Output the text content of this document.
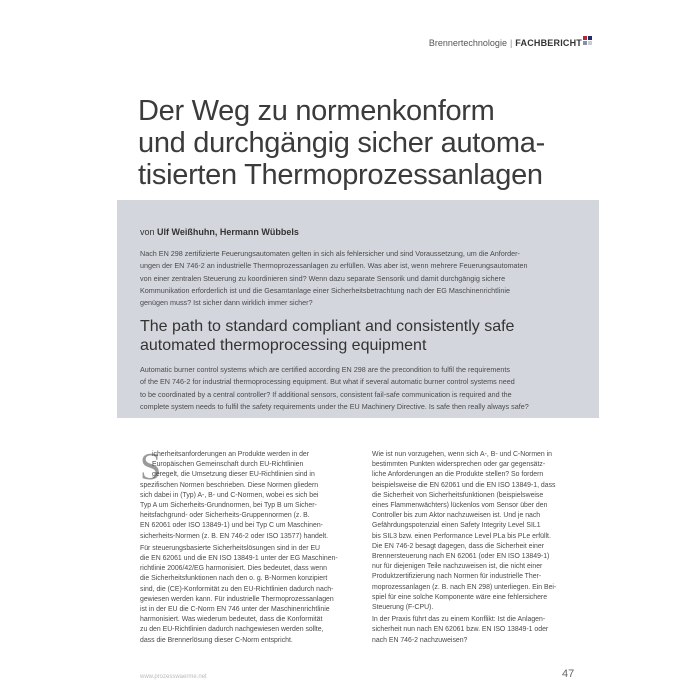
Brennertechnologie | FACHBERICHT
Der Weg zu normenkonform
und durchgängig sicher automa-
tisierten Thermoprozessanlagen
von Ulf Weißhuhn, Hermann Wübbels

Nach EN 298 zertifizierte Feuerungsautomaten gelten in sich als fehlersicher und sind Voraussetzung, um die Anforder-
ungen der EN 746-2 an industrielle Thermoprozessanlagen zu erfüllen. Was aber ist, wenn mehrere Feuerungsautomaten
von einer zentralen Steuerung zu koordinieren sind? Wenn dazu separate Sensorik und damit durchgängig sichere
Kommunikation erforderlich ist und die Gesamtanlage einer Sicherheitsbetrachtung nach der EG Maschinenrichtlinie
genügen muss? Ist sicher dann wirklich immer sicher?

The path to standard compliant and consistently safe
automated thermoprocessing equipment

Automatic burner control systems which are certified according EN 298 are the precondition to fulfil the requirements
of the EN 746-2 for industrial thermoprocessing equipment. But what if several automatic burner control systems need
to be coordinated by a central controller? If additional sensors, consistent fail-safe communication is required and the
complete system needs to fulfil the safety requirements under the EU Machinery Directive. Is safe then really always safe?

S
icherheitsanforderungen an Produkte werden in der
Europäischen Gemeinschaft durch EU-Richtlinien
geregelt, die Umsetzung dieser EU-Richtlinien sind in
spezifischen Normen beschrieben. Diese Normen gliedern
sich dabei in (Typ) A-, B- und C-Normen, wobei es sich bei
Typ A um Sicherheits-Grundnormen, bei Typ B um Sicher-
heitsfachgrund- oder Sicherheits-Gruppennormen (z. B.
EN 62061 oder ISO 13849-1) und bei Typ C um Maschinen-
sicherheits-Normen (z. B. EN 746-2 oder ISO 13577) handelt.
Für steuerungsbasierte Sicherheitslösungen sind in der EU
die EN 62061 und die EN ISO 13849-1 unter der EG Maschinen-
richtlinie 2006/42/EG harmonisiert. Dies bedeutet, dass wenn
die Sicherheitsfunktionen nach den o. g. B-Normen konzipiert
sind, die (CE)-Konformität zu den EU-Richtlinien dadurch nach-
gewiesen werden kann. Für industrielle Thermoprozessanlagen
ist in der EU die C-Norm EN 746 unter der Maschinenrichtlinie
harmonisiert. Was wiederum bedeutet, dass die Konformität
zu den EU-Richtlinien dadurch nachgewiesen werden sollte,
dass die Brennerlösung dieser C-Norm entspricht.
Wie ist nun vorzugehen, wenn sich A-, B- und C-Normen in
bestimmten Punkten widersprechen oder gar gegensätz-
liche Anforderungen an die Produkte stellen? So fordern
beispielsweise die EN 62061 und die EN ISO 13849-1, dass
die Sicherheit von Sicherheitsfunktionen (beispielsweise
eines Flammenwächters) lückenlos vom Sensor über den
Controller bis zum Aktor nachzuweisen ist. Und je nach
Gefährdungspotenzial einen Safety Integrity Level SIL1
bis SIL3 bzw. einen Performance Level PLa bis PLe erfüllt.
Die EN 746-2 besagt dagegen, dass die Sicherheit einer
Brennersteuerung nach EN 62061 (oder EN ISO 13849-1)
nur für diejenigen Teile nachzuweisen ist, die nicht einer
Produktzertifizierung nach Normen für industrielle Ther-
moprozessanlagen (z. B. nach EN 298) unterliegen. Ein Bei-
spiel für eine solche Komponente wäre eine fehlersichere
Steuerung (F-CPU).
In der Praxis führt das zu einem Konflikt: Ist die Anlagen-
sicherheit nun nach EN 62061 bzw. EN ISO 13849-1 oder
nach EN 746-2 nachzuweisen?
www.prozesswaerme.net	47
